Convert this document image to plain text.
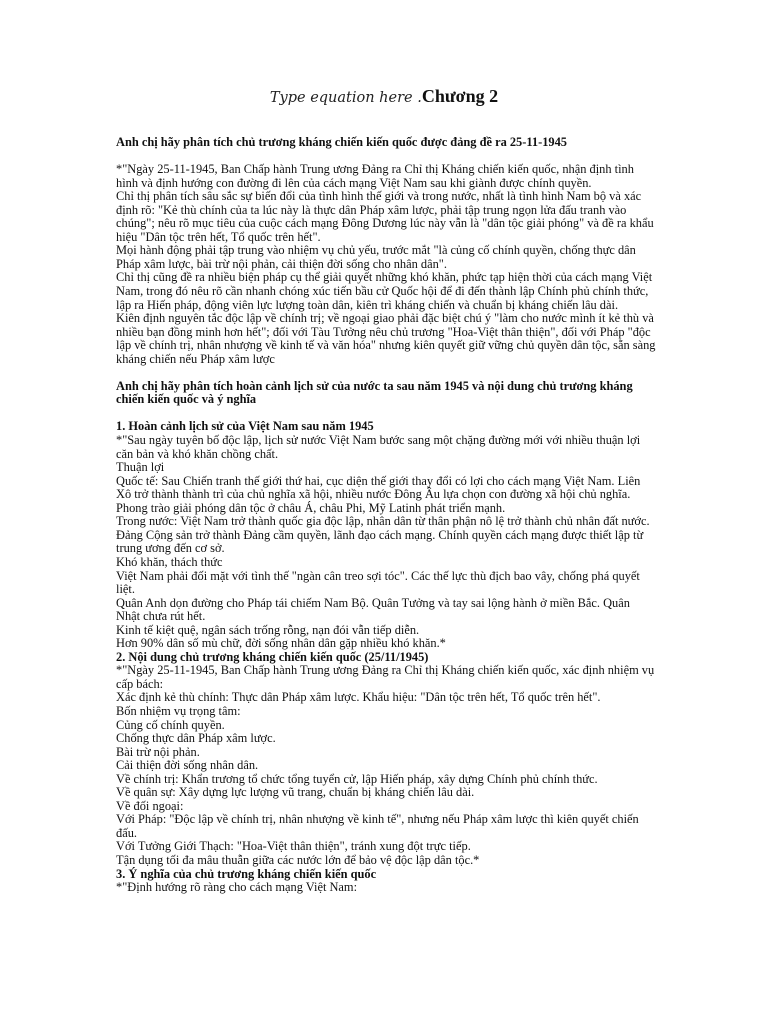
Type equation here .Chương 2

Anh chị hãy phân tích chủ trương kháng chiến kiến quốc được đảng đề ra 25-11-1945

*"Ngày 25-11-1945, Ban Chấp hành Trung ương Đảng ra Chỉ thị Kháng chiến kiến quốc, nhận định tình hình và định hướng con đường đi lên của cách mạng Việt Nam sau khi giành được chính quyền.

Chỉ thị phân tích sâu sắc sự biến đổi của tình hình thế giới và trong nước, nhất là tình hình Nam bộ và xác định rõ: "Kẻ thù chính của ta lúc này là thực dân Pháp xâm lược, phải tập trung ngọn lửa đấu tranh vào chúng"; nêu rõ mục tiêu của cuộc cách mạng Đông Dương lúc này vẫn là "dân tộc giải phóng" và đề ra khẩu hiệu "Dân tộc trên hết, Tổ quốc trên hết".

Mọi hành động phải tập trung vào nhiệm vụ chủ yếu, trước mắt "là củng cố chính quyền, chống thực dân Pháp xâm lược, bài trừ nội phản, cải thiện đời sống cho nhân dân".

Chỉ thị cũng đề ra nhiều biện pháp cụ thể giải quyết những khó khăn, phức tạp hiện thời của cách mạng Việt Nam, trong đó nêu rõ cần nhanh chóng xúc tiến bầu cử Quốc hội để đi đến thành lập Chính phủ chính thức, lập ra Hiến pháp, động viên lực lượng toàn dân, kiên trì kháng chiến và chuẩn bị kháng chiến lâu dài.

Kiên định nguyên tắc độc lập về chính trị; về ngoại giao phải đặc biệt chú ý "làm cho nước mình ít kẻ thù và nhiều bạn đồng minh hơn hết"; đối với Tàu Tưởng nêu chủ trương "Hoa-Việt thân thiện", đối với Pháp "độc lập về chính trị, nhân nhượng về kinh tế và văn hóa" nhưng kiên quyết giữ vững chủ quyền dân tộc, sẵn sàng kháng chiến nếu Pháp xâm lược

Anh chị hãy phân tích hoàn cảnh lịch sử của nước ta sau năm 1945 và nội dung chủ trương kháng chiến kiến quốc và ý nghĩa

1. Hoàn cảnh lịch sử của Việt Nam sau năm 1945

*"Sau ngày tuyên bố độc lập, lịch sử nước Việt Nam bước sang một chặng đường mới với nhiều thuận lợi căn bản và khó khăn chồng chất.

Thuận lợi

Quốc tế: Sau Chiến tranh thế giới thứ hai, cục diện thế giới thay đổi có lợi cho cách mạng Việt Nam. Liên Xô trở thành thành trì của chủ nghĩa xã hội, nhiều nước Đông Âu lựa chọn con đường xã hội chủ nghĩa. Phong trào giải phóng dân tộc ở châu Á, châu Phi, Mỹ Latinh phát triển mạnh.

Trong nước: Việt Nam trở thành quốc gia độc lập, nhân dân từ thân phận nô lệ trở thành chủ nhân đất nước. Đảng Cộng sản trở thành Đảng cầm quyền, lãnh đạo cách mạng. Chính quyền cách mạng được thiết lập từ trung ương đến cơ sở.

Khó khăn, thách thức

Việt Nam phải đối mặt với tình thế "ngàn cân treo sợi tóc". Các thế lực thù địch bao vây, chống phá quyết liệt.

Quân Anh dọn đường cho Pháp tái chiếm Nam Bộ. Quân Tưởng và tay sai lộng hành ở miền Bắc. Quân Nhật chưa rút hết.

Kinh tế kiệt quệ, ngân sách trống rỗng, nạn đói vẫn tiếp diễn.

Hơn 90% dân số mù chữ, đời sống nhân dân gặp nhiều khó khăn.*

2. Nội dung chủ trương kháng chiến kiến quốc (25/11/1945)

*"Ngày 25-11-1945, Ban Chấp hành Trung ương Đảng ra Chỉ thị Kháng chiến kiến quốc, xác định nhiệm vụ cấp bách:

Xác định kẻ thù chính: Thực dân Pháp xâm lược. Khẩu hiệu: "Dân tộc trên hết, Tổ quốc trên hết".

Bốn nhiệm vụ trọng tâm:

Củng cố chính quyền.

Chống thực dân Pháp xâm lược.

Bài trừ nội phản.

Cải thiện đời sống nhân dân.

Về chính trị: Khẩn trương tổ chức tổng tuyển cử, lập Hiến pháp, xây dựng Chính phủ chính thức.

Về quân sự: Xây dựng lực lượng vũ trang, chuẩn bị kháng chiến lâu dài.

Về đối ngoại:

Với Pháp: "Độc lập về chính trị, nhân nhượng về kinh tế", nhưng nếu Pháp xâm lược thì kiên quyết chiến đấu.

Với Tưởng Giới Thạch: "Hoa-Việt thân thiện", tránh xung đột trực tiếp.

Tận dụng tối đa mâu thuẫn giữa các nước lớn để bảo vệ độc lập dân tộc.*

3. Ý nghĩa của chủ trương kháng chiến kiến quốc

*"Định hướng rõ ràng cho cách mạng Việt Nam:
